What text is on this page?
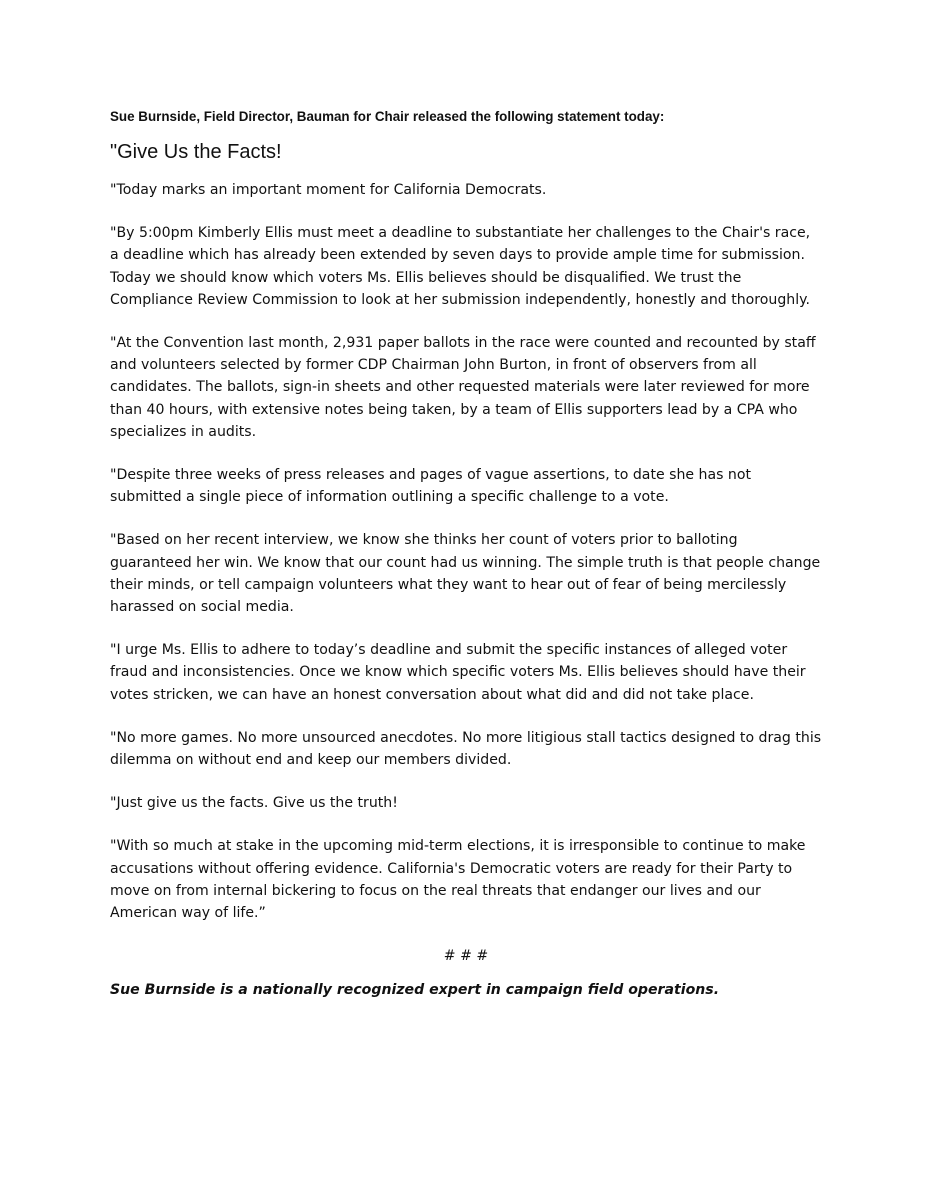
Sue Burnside, Field Director, Bauman for Chair released the following statement today:

"Give Us the Facts!

"Today marks an important moment for California Democrats.

"By 5:00pm Kimberly Ellis must meet a deadline to substantiate her challenges to the Chair's race, a deadline which has already been extended by seven days to provide ample time for submission. Today we should know which voters Ms. Ellis believes should be disqualified. We trust the Compliance Review Commission to look at her submission independently, honestly and thoroughly.

"At the Convention last month, 2,931 paper ballots in the race were counted and recounted by staff and volunteers selected by former CDP Chairman John Burton, in front of observers from all candidates. The ballots, sign-in sheets and other requested materials were later reviewed for more than 40 hours, with extensive notes being taken, by a team of Ellis supporters lead by a CPA who specializes in audits.

"Despite three weeks of press releases and pages of vague assertions, to date she has not submitted a single piece of information outlining a specific challenge to a vote.

"Based on her recent interview, we know she thinks her count of voters prior to balloting guaranteed her win. We know that our count had us winning. The simple truth is that people change their minds, or tell campaign volunteers what they want to hear out of fear of being mercilessly harassed on social media.

"I urge Ms. Ellis to adhere to today’s deadline and submit the specific instances of alleged voter fraud and inconsistencies. Once we know which specific voters Ms. Ellis believes should have their votes stricken, we can have an honest conversation about what did and did not take place.

"No more games. No more unsourced anecdotes. No more litigious stall tactics designed to drag this dilemma on without end and keep our members divided.

"Just give us the facts. Give us the truth!

"With so much at stake in the upcoming mid-term elections, it is irresponsible to continue to make accusations without offering evidence. California's Democratic voters are ready for their Party to move on from internal bickering to focus on the real threats that endanger our lives and our American way of life.”

# # #

Sue Burnside is a nationally recognized expert in campaign field operations.
